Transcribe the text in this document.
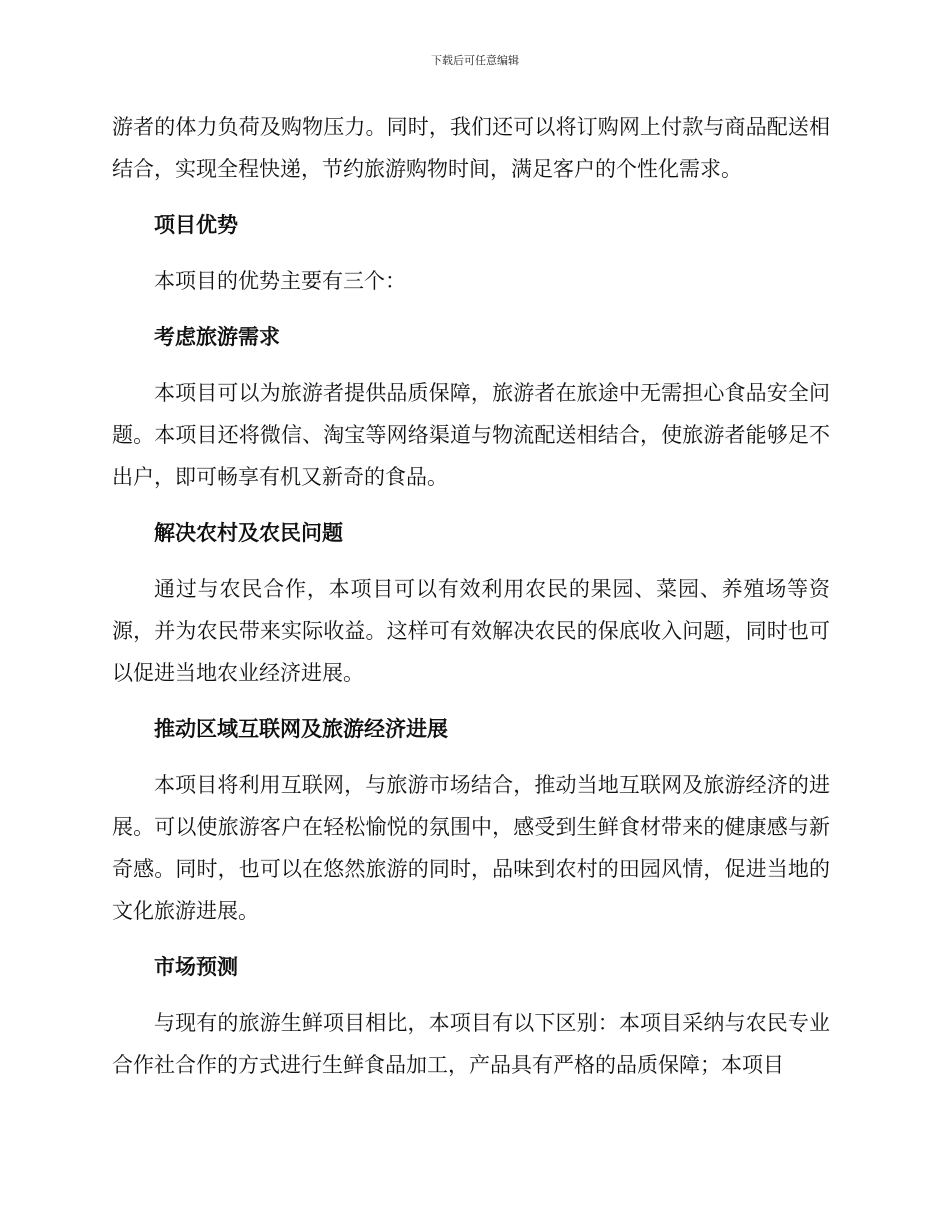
下载后可任意编辑

游者的体力负荷及购物压力。同时，我们还可以将订购网上付款与商品配送相结合，实现全程快递，节约旅游购物时间，满足客户的个性化需求。

项目优势

本项目的优势主要有三个：

考虑旅游需求

本项目可以为旅游者提供品质保障，旅游者在旅途中无需担心食品安全问题。本项目还将微信、淘宝等网络渠道与物流配送相结合，使旅游者能够足不出户，即可畅享有机又新奇的食品。

解决农村及农民问题

通过与农民合作，本项目可以有效利用农民的果园、菜园、养殖场等资源，并为农民带来实际收益。这样可有效解决农民的保底收入问题，同时也可以促进当地农业经济进展。

推动区域互联网及旅游经济进展

本项目将利用互联网，与旅游市场结合，推动当地互联网及旅游经济的进展。可以使旅游客户在轻松愉悦的氛围中，感受到生鲜食材带来的健康感与新奇感。同时，也可以在悠然旅游的同时，品味到农村的田园风情，促进当地的文化旅游进展。

市场预测

与现有的旅游生鲜项目相比，本项目有以下区别：本项目采纳与农民专业合作社合作的方式进行生鲜食品加工，产品具有严格的品质保障；本项目
